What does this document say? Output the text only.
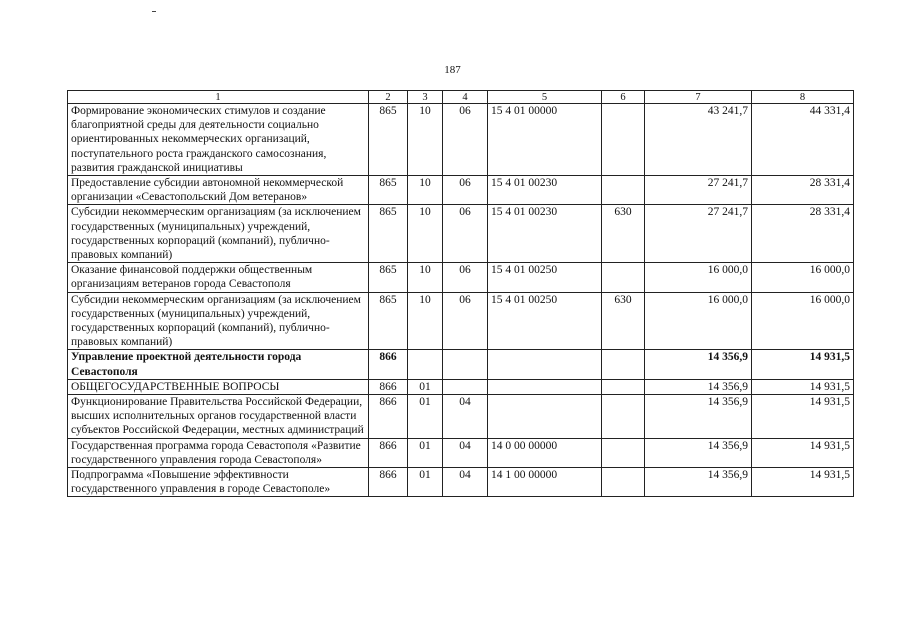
187
1	2	3	4	5	6	7	8
Формирование экономических стимулов и создание благоприятной среды для деятельности социально ориентированных некоммерческих организаций, поступательного роста гражданского самосознания, развития гражданской инициативы	865	10	06	15 4 01 00000		43 241,7	44 331,4
Предоставление субсидии автономной некоммерческой организации «Севастопольский Дом ветеранов»	865	10	06	15 4 01 00230		27 241,7	28 331,4
Субсидии некоммерческим организациям (за исключением государственных (муниципальных) учреждений, государственных корпораций (компаний), публично-правовых компаний)	865	10	06	15 4 01 00230	630	27 241,7	28 331,4
Оказание финансовой поддержки общественным организациям ветеранов города Севастополя	865	10	06	15 4 01 00250		16 000,0	16 000,0
Субсидии некоммерческим организациям (за исключением государственных (муниципальных) учреждений, государственных корпораций (компаний), публично-правовых компаний)	865	10	06	15 4 01 00250	630	16 000,0	16 000,0
Управление проектной деятельности города Севастополя	866					14 356,9	14 931,5
ОБЩЕГОСУДАРСТВЕННЫЕ ВОПРОСЫ	866	01				14 356,9	14 931,5
Функционирование Правительства Российской Федерации, высших исполнительных органов государственной власти субъектов Российской Федерации, местных администраций	866	01	04			14 356,9	14 931,5
Государственная программа города Севастополя «Развитие государственного управления города Севастополя»	866	01	04	14 0 00 00000		14 356,9	14 931,5
Подпрограмма «Повышение эффективности государственного управления в городе Севастополе»	866	01	04	14 1 00 00000		14 356,9	14 931,5
